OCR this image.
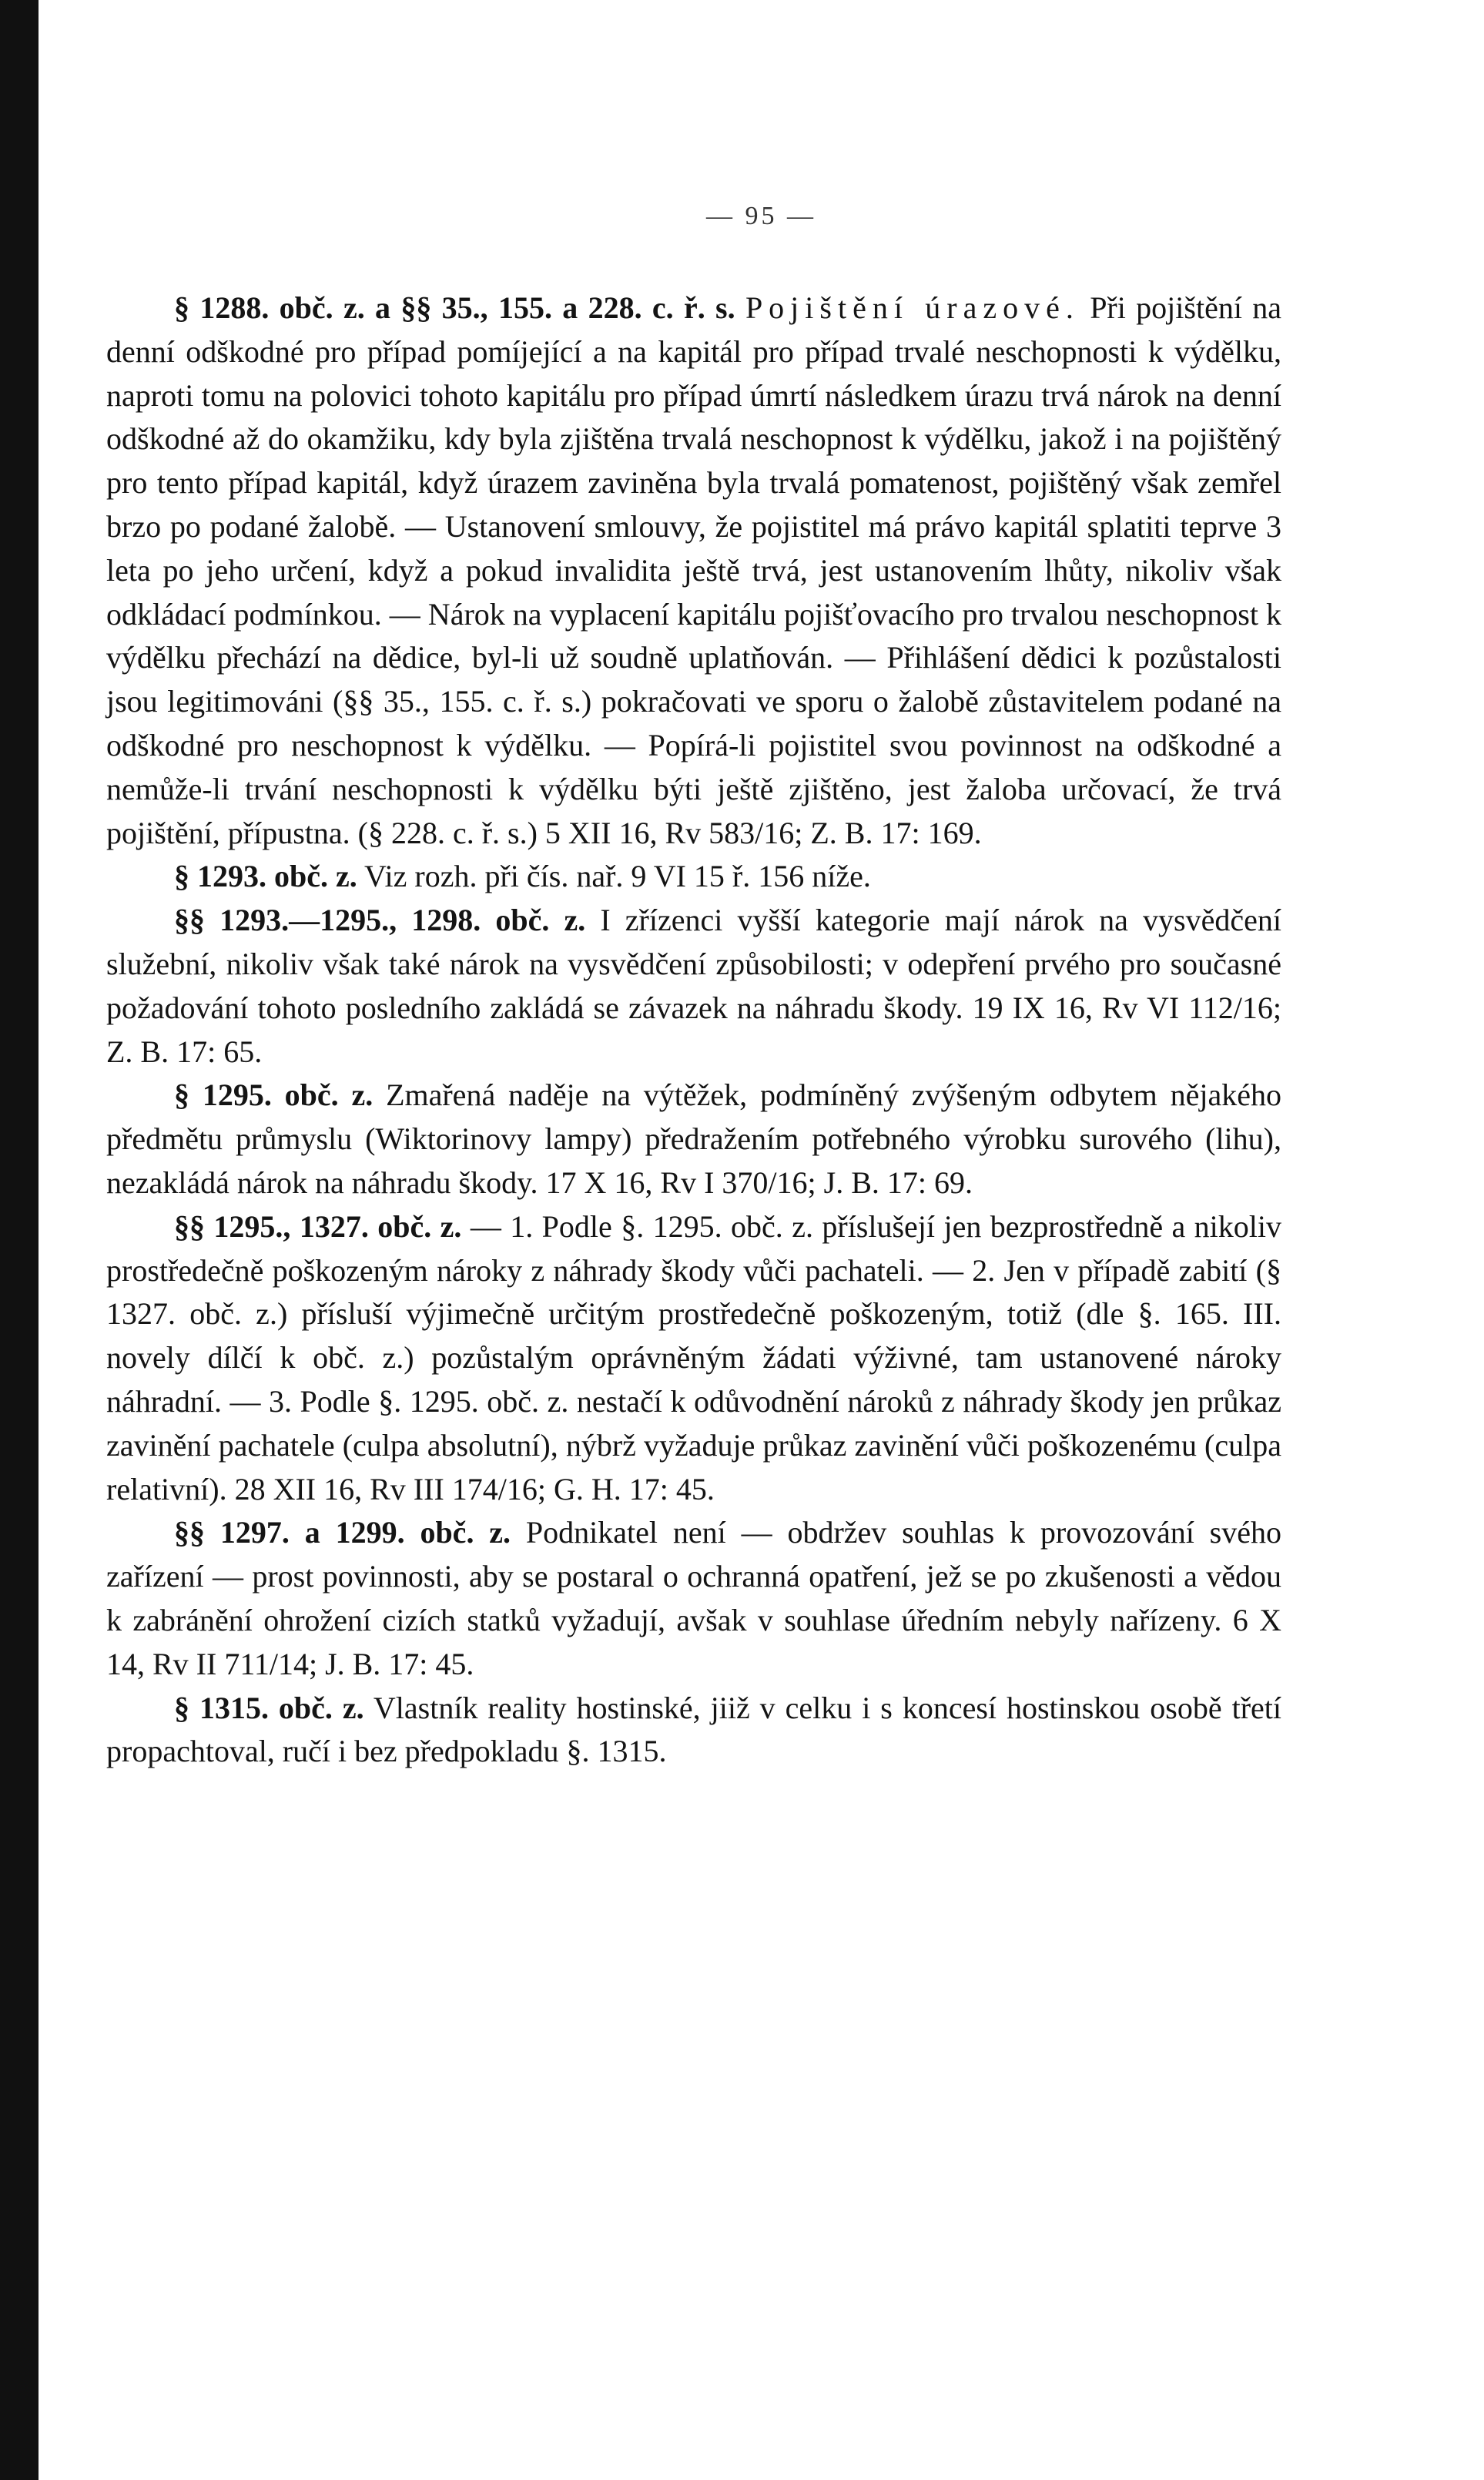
— 95 —

§ 1288. obč. z. a §§ 35., 155. a 228. c. ř. s. Pojištění úrazové. Při pojištění na denní odškodné pro případ pomíjející a na kapitál pro případ trvalé neschopnosti k výdělku, naproti tomu na polovici tohoto kapitálu pro případ úmrtí následkem úrazu trvá nárok na denní odškodné až do okamžiku, kdy byla zjištěna trvalá neschopnost k výdělku, jakož i na pojištěný pro tento případ kapitál, když úrazem zaviněna byla trvalá pomatenost, pojištěný však zemřel brzo po podané žalobě. — Ustanovení smlouvy, že pojistitel má právo kapitál splatiti teprve 3 leta po jeho určení, když a pokud invalidita ještě trvá, jest ustanovením lhůty, nikoliv však odkládací podmínkou. — Nárok na vyplacení kapitálu pojišťovacího pro trvalou neschopnost k výdělku přechází na dědice, byl-li už soudně uplatňován. — Přihlášení dědici k pozůstalosti jsou legitimováni (§§ 35., 155. c. ř. s.) pokračovati ve sporu o žalobě zůstavitelem podané na odškodné pro neschopnost k výdělku. — Popírá-li pojistitel svou povinnost na odškodné a nemůže-li trvání neschopnosti k výdělku býti ještě zjištěno, jest žaloba určovací, že trvá pojištění, přípustna. (§ 228. c. ř. s.) 5 XII 16, Rv 583/16; Z. B. 17: 169.

§ 1293. obč. z. Viz rozh. při čís. nař. 9 VI 15 ř. 156 níže.

§§ 1293.—1295., 1298. obč. z. I zřízenci vyšší kategorie mají nárok na vysvědčení služební, nikoliv však také nárok na vysvědčení způsobilosti; v odepření prvého pro současné požadování tohoto posledního zakládá se závazek na náhradu škody. 19 IX 16, Rv VI 112/16; Z. B. 17: 65.

§ 1295. obč. z. Zmařená naděje na výtěžek, podmíněný zvýšeným odbytem nějakého předmětu průmyslu (Wiktorinovy lampy) předražením potřebného výrobku surového (lihu), nezakládá nárok na náhradu škody. 17 X 16, Rv I 370/16; J. B. 17: 69.

§§ 1295., 1327. obč. z. — 1. Podle §. 1295. obč. z. příslušejí jen bezprostředně a nikoliv prostředečně poškozeným nároky z náhrady škody vůči pachateli. — 2. Jen v případě zabití (§ 1327. obč. z.) přísluší výjimečně určitým prostředečně poškozeným, totiž (dle §. 165. III. novely dílčí k obč. z.) pozůstalým oprávněným žádati výživné, tam ustanovené nároky náhradní. — 3. Podle §. 1295. obč. z. nestačí k odůvodnění nároků z náhrady škody jen průkaz zavinění pachatele (culpa absolutní), nýbrž vyžaduje průkaz zavinění vůči poškozenému (culpa relativní). 28 XII 16, Rv III 174/16; G. H. 17: 45.

§§ 1297. a 1299. obč. z. Podnikatel není — obdržev souhlas k provozování svého zařízení — prost povinnosti, aby se postaral o ochranná opatření, jež se po zkušenosti a vědou k zabránění ohrožení cizích statků vyžadují, avšak v souhlase úředním nebyly nařízeny. 6 X 14, Rv II 711/14; J. B. 17: 45.

§ 1315. obč. z. Vlastník reality hostinské, jiiž v celku i s koncesí hostinskou osobě třetí propachtoval, ručí i bez předpokladu §. 1315.
